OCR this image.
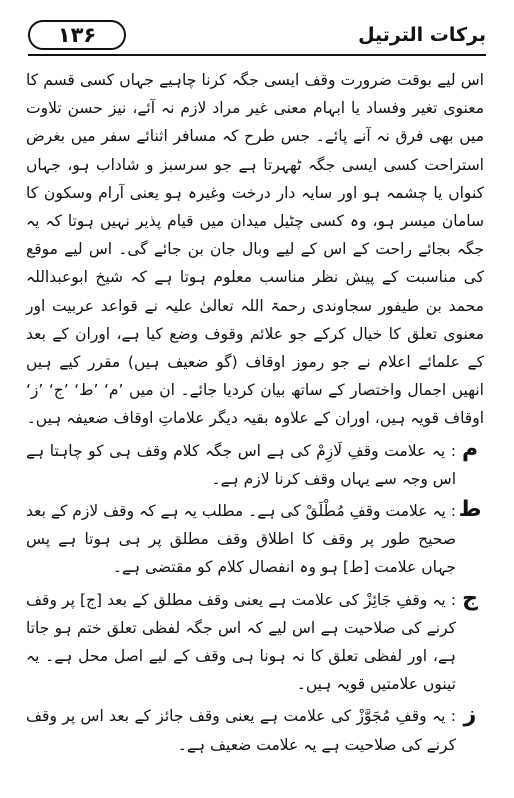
۱۳۶	برکات الترتیل

اس لیے بوقت ضرورت وقف ایسی جگہ کرنا چاہیے جہاں کسی قسم کا معنوی تغیر وفساد یا ابہام معنی غیر مراد لازم نہ آئے، نیز حسن تلاوت میں بھی فرق نہ آنے پائے۔ جس طرح کہ مسافر اثنائے سفر میں بغرض استراحت کسی ایسی جگہ ٹھہرتا ہے جو سرسبز و شاداب ہو، جہاں کنواں یا چشمہ ہو اور سایہ دار درخت وغیرہ ہو یعنی آرام وسکون کا سامان میسر ہو، وہ کسی چٹیل میدان میں قیام پذیر نہیں ہوتا کہ یہ جگہ بجائے راحت کے اس کے لیے وبال جان بن جائے گی۔ اس لیے موقع کی مناسبت کے پیش نظر مناسب معلوم ہوتا ہے کہ شیخ ابوعبداللہ محمد بن طیفور سجاوندی رحمۃ اللہ تعالیٰ علیہ نے قواعد عربیت اور معنوی تعلق کا خیال کرکے جو علائم وقوف وضع کیا ہے، اوران کے بعد کے علمائے اعلام نے جو رموز اوقاف (گو ضعیف ہیں) مقرر کیے ہیں انھیں اجمال واختصار کے ساتھ بیان کردیا جائے۔ ان میں ’م‘ ’ط‘ ’ج‘ ’ز‘ اوقاف قویہ ہیں، اوران کے علاوہ بقیہ دیگر علاماتِ اوقاف ضعیفہ ہیں۔

م
: یہ علامت وقفِ لَازِمْ کی ہے اس جگہ کلام وقف ہی کو چاہتا ہے اس وجہ سے یہاں وقف کرنا لازم ہے۔
ط
: یہ علامت وقفِ مُطْلَقْ کی ہے۔ مطلب یہ ہے کہ وقف لازم کے بعد صحیح طور پر وقف کا اطلاق وقف مطلق پر ہی ہوتا ہے پس جہاں علامت [ط] ہو وہ انفصال کلام کو مقتضی ہے۔
ج
: یہ وقفِ جَائِزْ کی علامت ہے یعنی وقف مطلق کے بعد [ج] پر وقف کرنے کی صلاحیت ہے اس لیے کہ اس جگہ لفظی تعلق ختم ہو جاتا ہے، اور لفظی تعلق کا نہ ہونا ہی وقف کے لیے اصل محل ہے۔ یہ تینوں علامتیں قویہ ہیں۔
ز
: یہ وقفِ مُجَوَّزْ کی علامت ہے یعنی وقف جائز کے بعد اس پر وقف کرنے کی صلاحیت ہے یہ علامت ضعیف ہے۔
